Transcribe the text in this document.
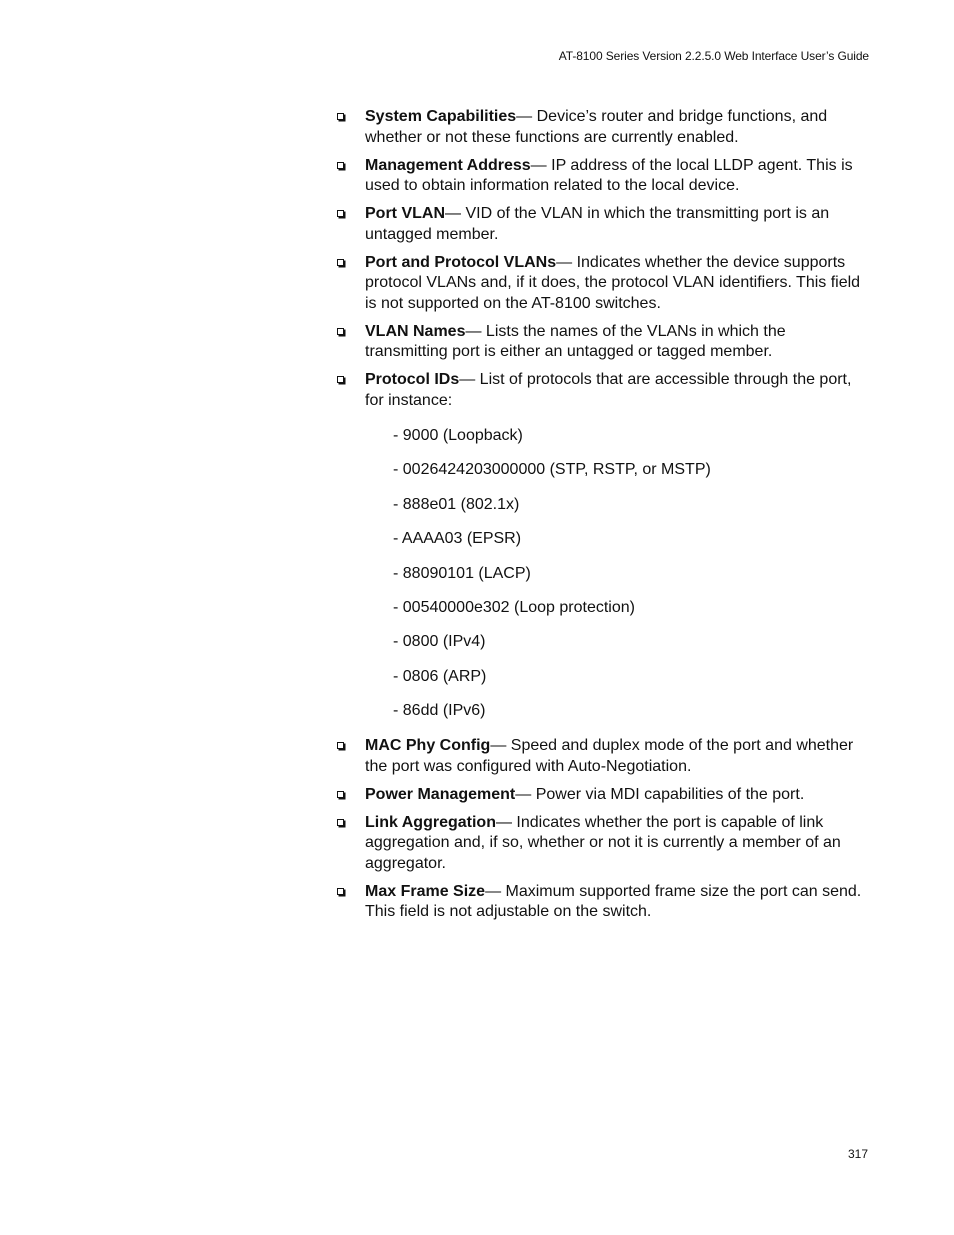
AT-8100 Series Version 2.2.5.0 Web Interface User’s Guide
System Capabilities— Device’s router and bridge functions, and whether or not these functions are currently enabled.
Management Address— IP address of the local LLDP agent. This is used to obtain information related to the local device.
Port VLAN— VID of the VLAN in which the transmitting port is an untagged member.
Port and Protocol VLANs— Indicates whether the device supports protocol VLANs and, if it does, the protocol VLAN identifiers. This field is not supported on the AT-8100 switches.
VLAN Names— Lists the names of the VLANs in which the transmitting port is either an untagged or tagged member.
Protocol IDs— List of protocols that are accessible through the port, for instance:
- 9000 (Loopback)
- 0026424203000000 (STP, RSTP, or MSTP)
- 888e01 (802.1x)
- AAAA03 (EPSR)
- 88090101 (LACP)
- 00540000e302 (Loop protection)
- 0800 (IPv4)
- 0806 (ARP)
- 86dd (IPv6)
MAC Phy Config— Speed and duplex mode of the port and whether the port was configured with Auto-Negotiation.
Power Management— Power via MDI capabilities of the port.
Link Aggregation— Indicates whether the port is capable of link aggregation and, if so, whether or not it is currently a member of an aggregator.
Max Frame Size— Maximum supported frame size the port can send. This field is not adjustable on the switch.
317
